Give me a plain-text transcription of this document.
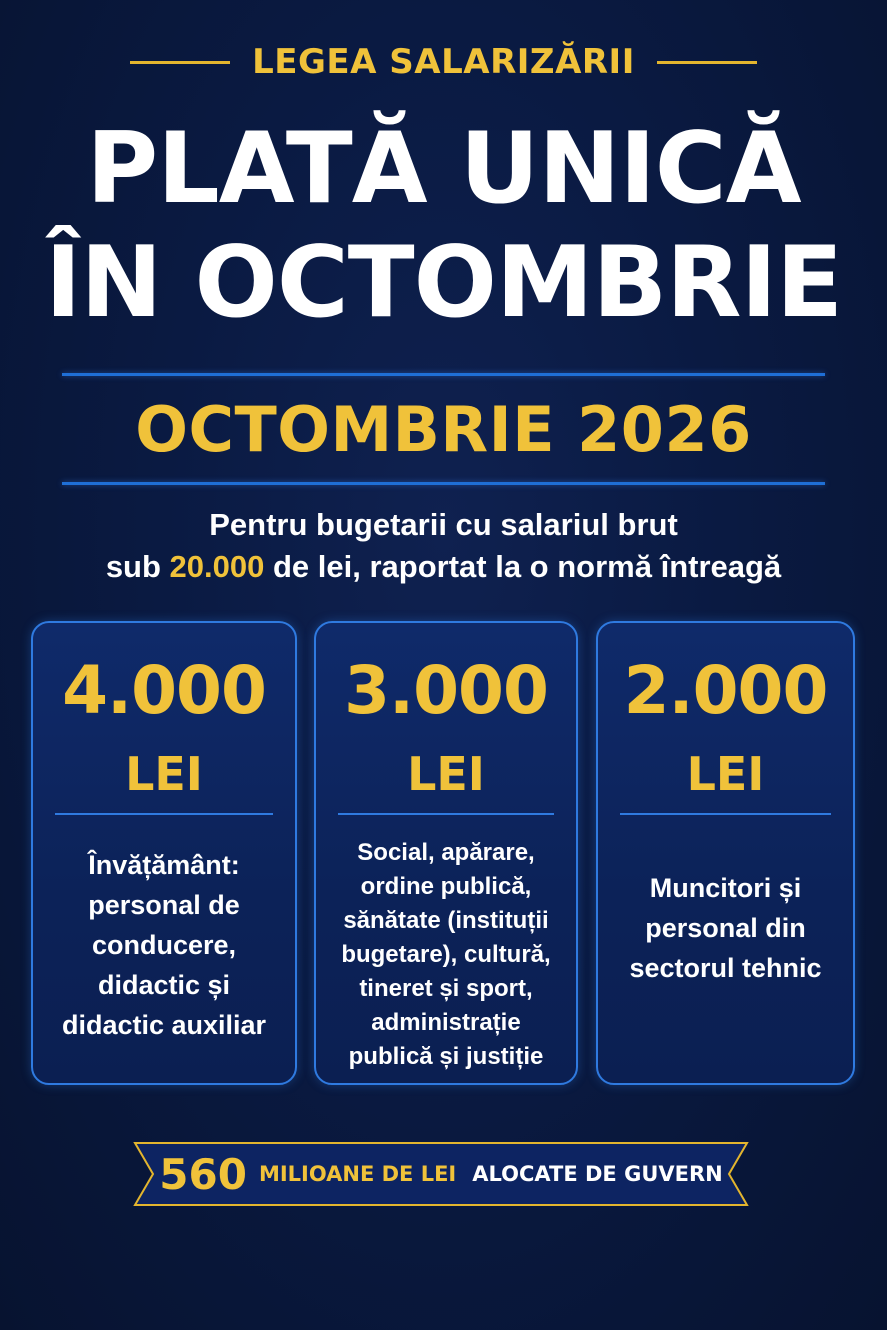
LEGEA SALARIZĂRII
PLATĂ UNICĂ
ÎN OCTOMBRIE
OCTOMBRIE 2026
Pentru bugetarii cu salariul brut
sub 20.000 de lei, raportat la o normă întreagă
4.000
LEI
Învățământ:
personal de
conducere,
didactic și
didactic auxiliar
3.000
LEI
Social, apărare,
ordine publică,
sănătate (instituții
bugetare), cultură,
tineret și sport,
administrație
publică și justiție
2.000
LEI
Muncitori și
personal din
sectorul tehnic
560 MILIOANE DE LEI ALOCATE DE GUVERN
